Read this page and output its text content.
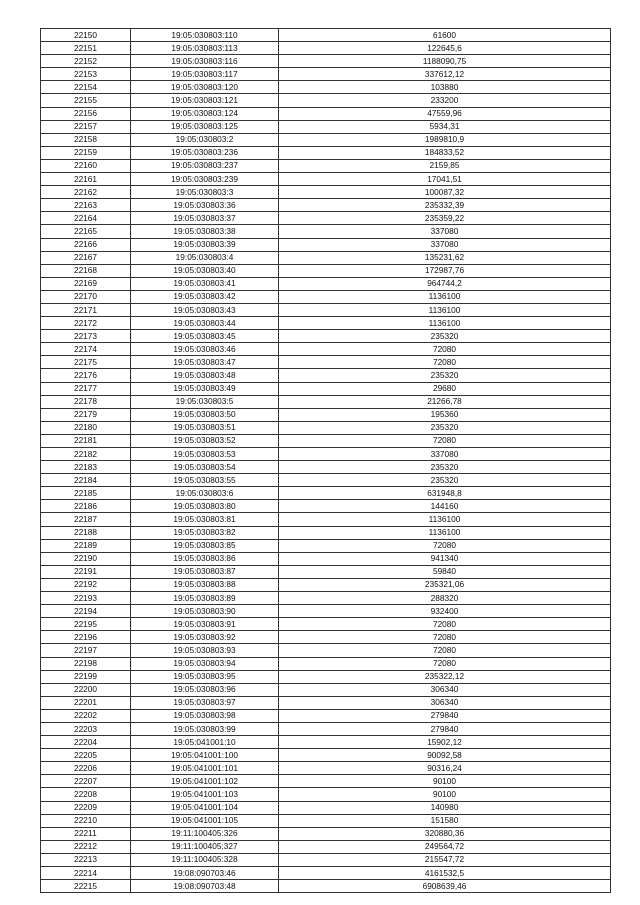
22150	19:05:030803:110	61600
22151	19:05:030803:113	122645,6
22152	19:05:030803:116	1188090,75
22153	19:05:030803:117	337612,12
22154	19:05:030803:120	103880
22155	19:05:030803:121	233200
22156	19:05:030803:124	47559,96
22157	19:05:030803:125	5934,31
22158	19:05:030803:2	1989810,9
22159	19:05:030803:236	184833,52
22160	19:05:030803:237	2159,85
22161	19:05:030803:239	17041,51
22162	19:05:030803:3	100087,32
22163	19:05:030803:36	235332,39
22164	19:05:030803:37	235359,22
22165	19:05:030803:38	337080
22166	19:05:030803:39	337080
22167	19:05:030803:4	135231,62
22168	19:05:030803:40	172987,76
22169	19:05:030803:41	964744,2
22170	19:05:030803:42	1136100
22171	19:05:030803:43	1136100
22172	19:05:030803:44	1136100
22173	19:05:030803:45	235320
22174	19:05:030803:46	72080
22175	19:05:030803:47	72080
22176	19:05:030803:48	235320
22177	19:05:030803:49	29680
22178	19:05:030803:5	21266,78
22179	19:05:030803:50	195360
22180	19:05:030803:51	235320
22181	19:05:030803:52	72080
22182	19:05:030803:53	337080
22183	19:05:030803:54	235320
22184	19:05:030803:55	235320
22185	19:05:030803:6	631948,8
22186	19:05:030803:80	144160
22187	19:05:030803:81	1136100
22188	19:05:030803:82	1136100
22189	19:05:030803:85	72080
22190	19:05:030803:86	941340
22191	19:05:030803:87	59840
22192	19:05:030803:88	235321,06
22193	19:05:030803:89	288320
22194	19:05:030803:90	932400
22195	19:05:030803:91	72080
22196	19:05:030803:92	72080
22197	19:05:030803:93	72080
22198	19:05:030803:94	72080
22199	19:05:030803:95	235322,12
22200	19:05:030803:96	306340
22201	19:05:030803:97	306340
22202	19:05:030803:98	279840
22203	19:05:030803:99	279840
22204	19:05:041001:10	15902,12
22205	19:05:041001:100	90092,58
22206	19:05:041001:101	90316,24
22207	19:05:041001:102	90100
22208	19:05:041001:103	90100
22209	19:05:041001:104	140980
22210	19:05:041001:105	151580
22211	19:11:100405:326	320880,36
22212	19:11:100405:327	249564,72
22213	19:11:100405:328	215547,72
22214	19:08:090703:46	4161532,5
22215	19:08:090703:48	6908639,46
